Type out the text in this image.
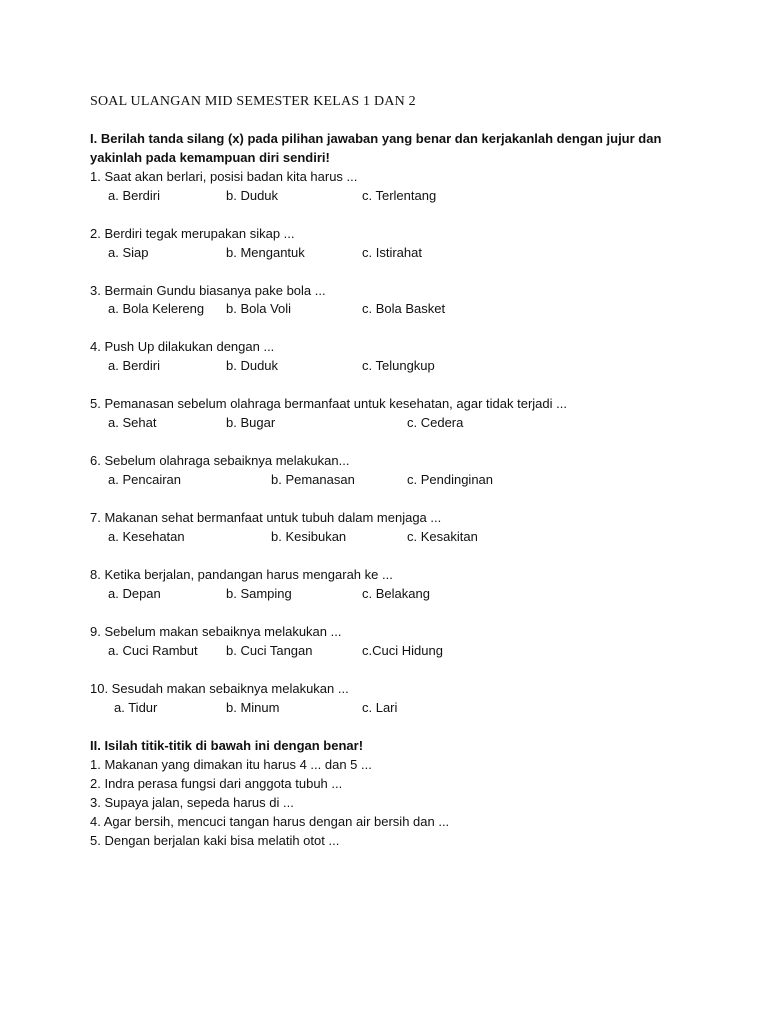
SOAL ULANGAN MID SEMESTER KELAS 1 DAN 2
I. Berilah tanda silang (x) pada pilihan jawaban yang benar dan kerjakanlah dengan jujur dan
yakinlah pada kemampuan diri sendiri!
1. Saat akan berlari, posisi badan kita harus ...
a. Berdiri	b. Duduk	c. Terlentang
2. Berdiri tegak merupakan sikap ...
a. Siap	b. Mengantuk	c. Istirahat
3. Bermain Gundu biasanya pake bola ...
a. Bola Kelereng b. Bola Voli	c. Bola Basket
4. Push Up dilakukan dengan ...
a. Berdiri	b. Duduk	c. Telungkup
5. Pemanasan sebelum olahraga bermanfaat untuk kesehatan, agar tidak terjadi ...
a. Sehat	b. Bugar	c. Cedera
6. Sebelum olahraga sebaiknya melakukan...
a. Pencairan	b. Pemanasan	c. Pendinginan
7. Makanan sehat bermanfaat untuk tubuh dalam menjaga ...
a. Kesehatan	b. Kesibukan	c. Kesakitan
8. Ketika berjalan, pandangan harus mengarah ke ...
a. Depan	b. Samping	c. Belakang
9. Sebelum makan sebaiknya melakukan ...
a. Cuci Rambut b. Cuci Tangan	c.Cuci Hidung
10. Sesudah makan sebaiknya melakukan ...
a. Tidur	b. Minum	c. Lari
II. Isilah titik-titik di bawah ini dengan benar!
1. Makanan yang dimakan itu harus 4 ... dan 5 ...
2. Indra perasa fungsi dari anggota tubuh ...
3. Supaya jalan, sepeda harus di ...
4. Agar bersih, mencuci tangan harus dengan air bersih dan ...
5. Dengan berjalan kaki bisa melatih otot ...
